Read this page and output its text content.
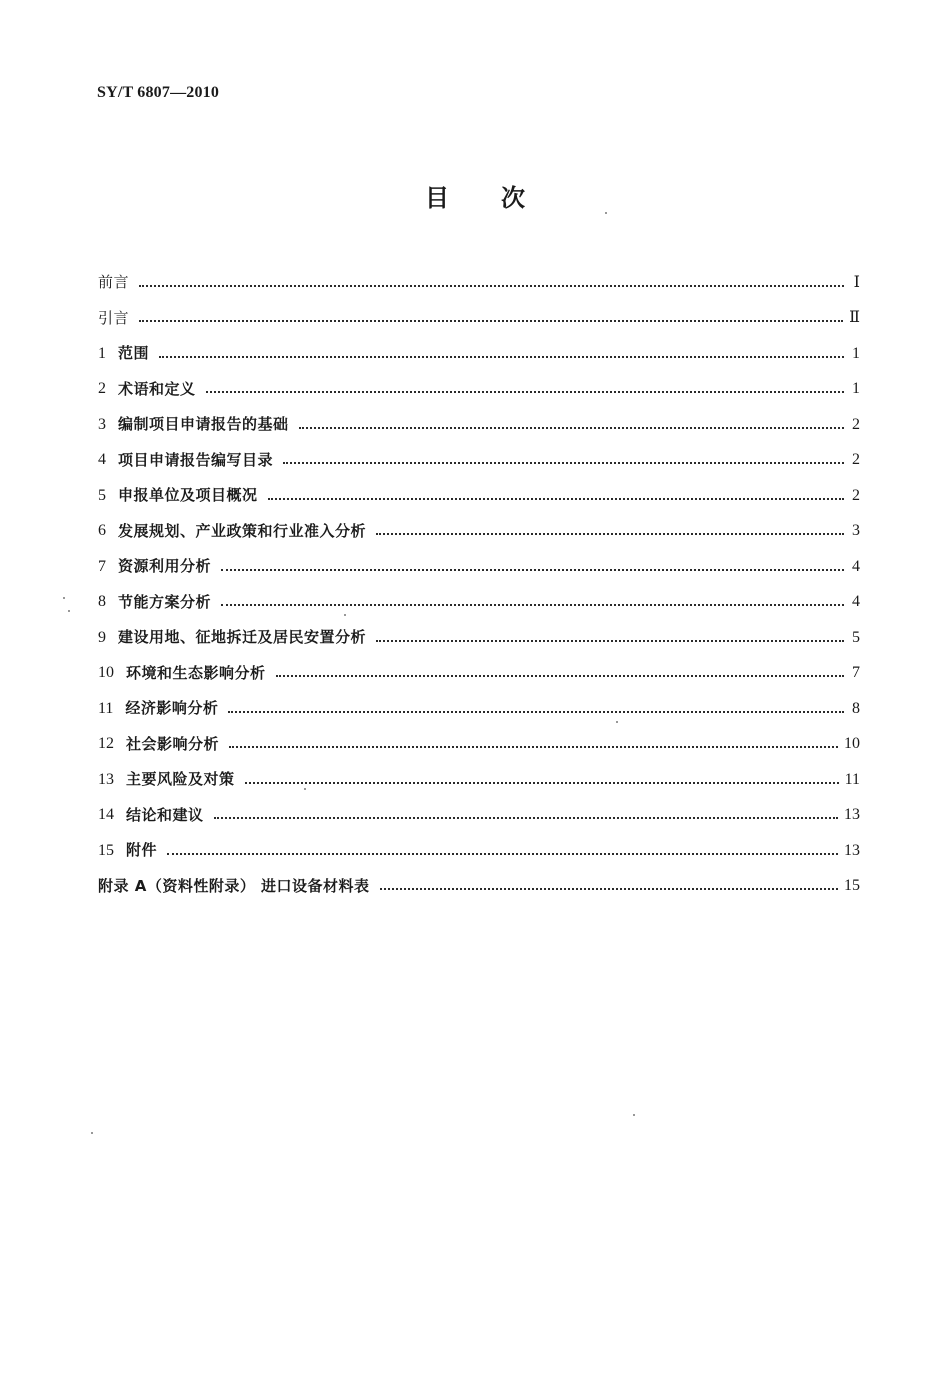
SY/T 6807—2010
目 次
前言	Ⅰ
引言	Ⅱ
1 范围	1
2 术语和定义	1
3 编制项目申请报告的基础	2
4 项目申请报告编写目录	2
5 申报单位及项目概况	2
6 发展规划、产业政策和行业准入分析	3
7 资源利用分析	4
8 节能方案分析	4
9 建设用地、征地拆迁及居民安置分析	5
10 环境和生态影响分析	7
11 经济影响分析	8
12 社会影响分析	10
13 主要风险及对策	11
14 结论和建议	13
15 附件	13
附录 A（资料性附录） 进口设备材料表	15
